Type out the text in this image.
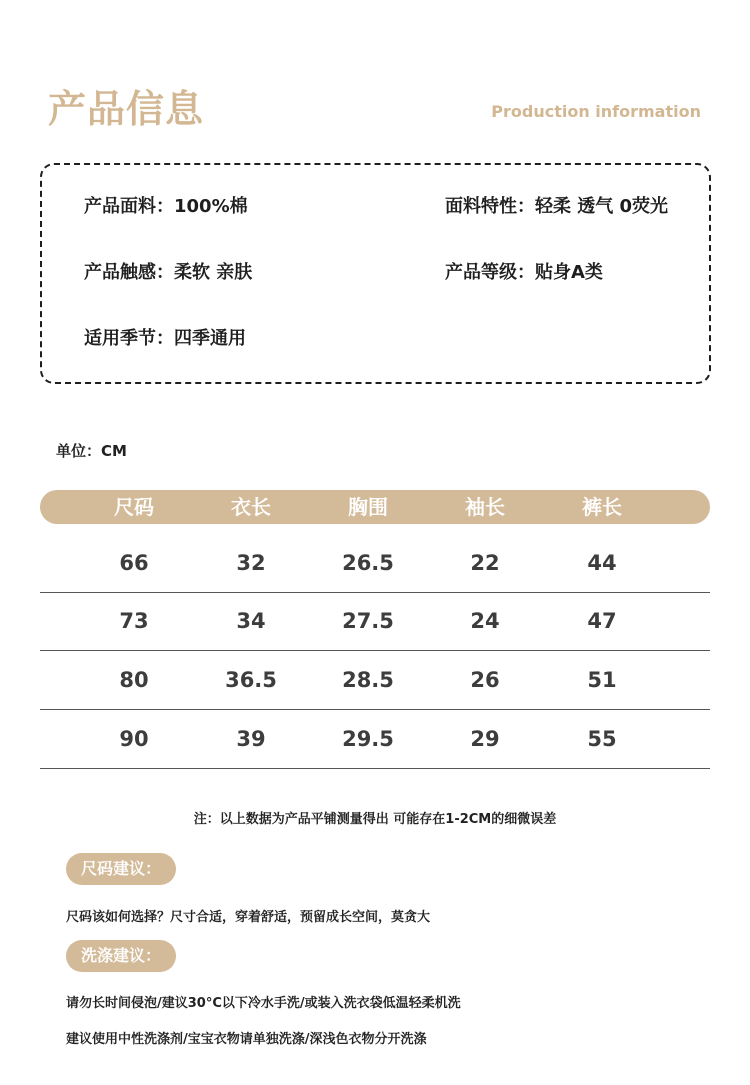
产品信息	Production information
产品面料：100%棉	面料特性：轻柔 透气 0荧光
产品触感：柔软 亲肤	产品等级：贴身A类
适用季节：四季通用
单位：CM
尺码	衣长	胸围	袖长	裤长
66	32	26.5	22	44
73	34	27.5	24	47
80	36.5	28.5	26	51
90	39	29.5	29	55
注：以上数据为产品平铺测量得出 可能存在1-2CM的细微误差
尺码建议：
尺码该如何选择？尺寸合适，穿着舒适，预留成长空间，莫贪大
洗涤建议：
请勿长时间侵泡/建议30°C以下冷水手洗/或装入洗衣袋低温轻柔机洗
建议使用中性洗涤剂/宝宝衣物请单独洗涤/深浅色衣物分开洗涤
